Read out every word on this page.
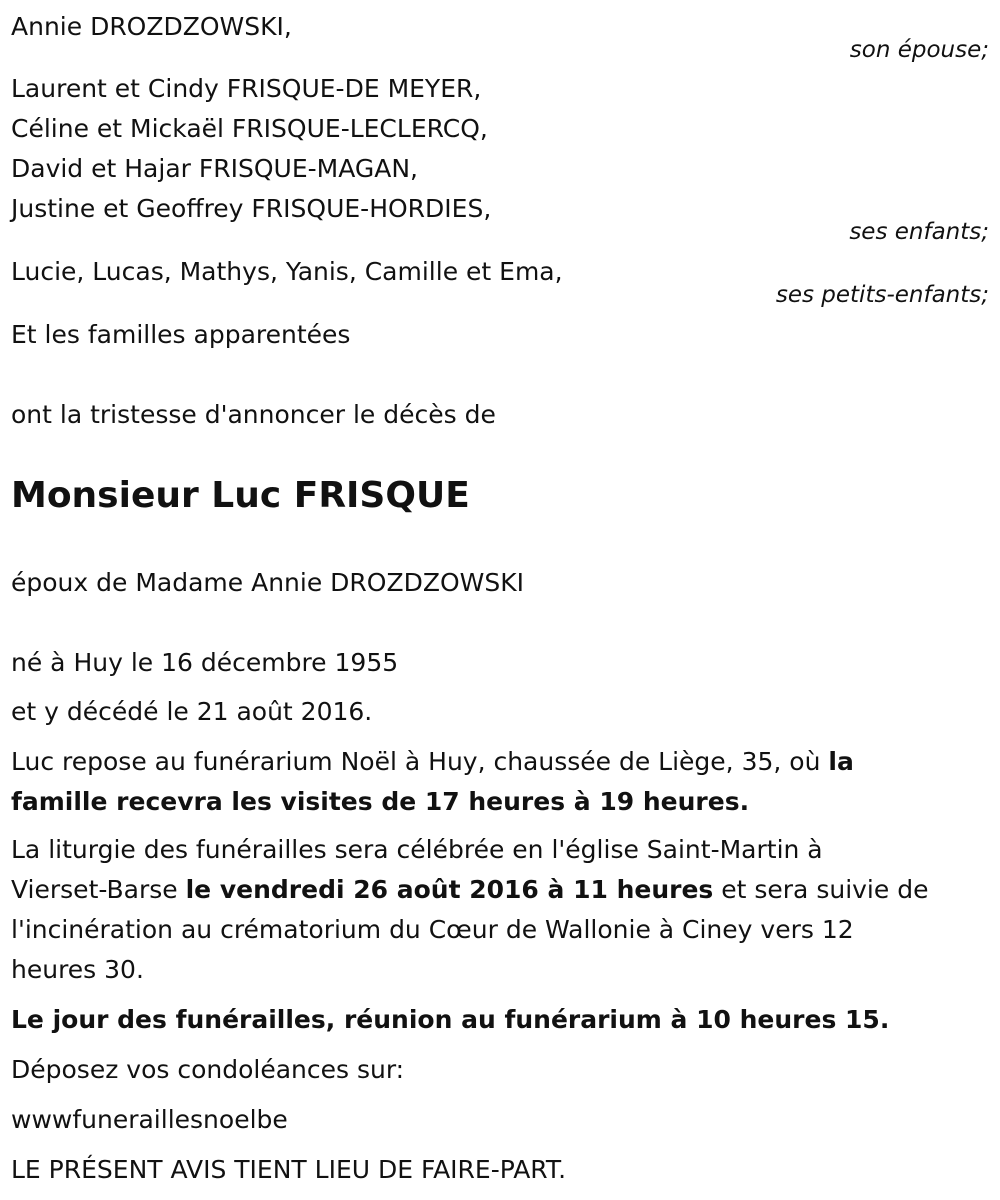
Annie DROZDZOWSKI,
son épouse;
Laurent et Cindy FRISQUE-DE MEYER,
Céline et Mickaël FRISQUE-LECLERCQ,
David et Hajar FRISQUE-MAGAN,
Justine et Geoffrey FRISQUE-HORDIES,
ses enfants;
Lucie, Lucas, Mathys, Yanis, Camille et Ema,
ses petits-enfants;
Et les familles apparentées
ont la tristesse d'annoncer le décès de
Monsieur Luc FRISQUE
époux de Madame Annie DROZDZOWSKI
né à Huy le 16 décembre 1955
et y décédé le 21 août 2016.
Luc repose au funérarium Noël à Huy, chaussée de Liège, 35, où la
famille recevra les visites de 17 heures à 19 heures.
La liturgie des funérailles sera célébrée en l'église Saint-Martin à
Vierset-Barse le vendredi 26 août 2016 à 11 heures et sera suivie de
l'incinération au crématorium du Cœur de Wallonie à Ciney vers 12
heures 30.
Le jour des funérailles, réunion au funérarium à 10 heures 15.
Déposez vos condoléances sur:
wwwfuneraillesnoelbe
LE PRÉSENT AVIS TIENT LIEU DE FAIRE-PART.
